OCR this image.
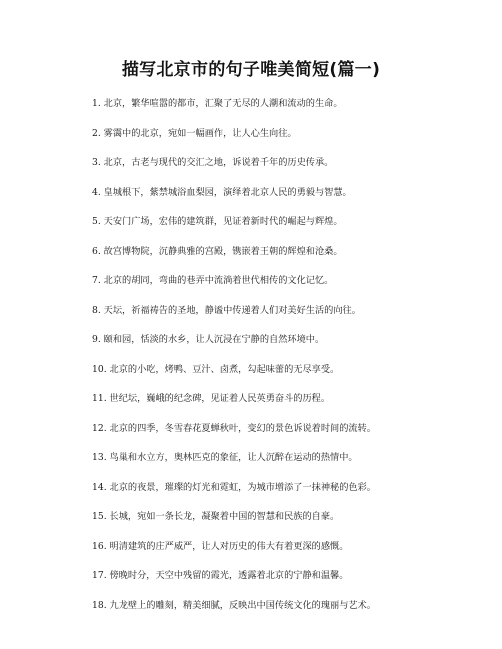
描写北京市的句子唯美简短(篇一)
1. 北京，繁华喧嚣的都市，汇聚了无尽的人潮和流动的生命。
2. 雾霭中的北京，宛如一幅画作，让人心生向往。
3. 北京，古老与现代的交汇之地，诉说着千年的历史传承。
4. 皇城根下，紫禁城浴血梨园，演绎着北京人民的勇毅与智慧。
5. 天安门广场，宏伟的建筑群，见证着新时代的崛起与辉煌。
6. 故宫博物院，沉静典雅的宫殿，镌嵌着王朝的辉煌和沧桑。
7. 北京的胡同，弯曲的巷弄中流淌着世代相传的文化记忆。
8. 天坛，祈福祷告的圣地，静谧中传递着人们对美好生活的向往。
9. 颐和园，恬淡的水乡，让人沉浸在宁静的自然环境中。
10. 北京的小吃，烤鸭、豆汁、卤煮，勾起味蕾的无尽享受。
11. 世纪坛，巍峨的纪念碑，见证着人民英勇奋斗的历程。
12. 北京的四季，冬雪春花夏蝉秋叶，变幻的景色诉说着时间的流转。
13. 鸟巢和水立方，奥林匹克的象征，让人沉醉在运动的热情中。
14. 北京的夜景，璀璨的灯光和霓虹，为城市增添了一抹神秘的色彩。
15. 长城，宛如一条长龙，凝聚着中国的智慧和民族的自豪。
16. 明清建筑的庄严威严，让人对历史的伟大有着更深的感慨。
17. 傍晚时分，天空中残留的霞光，透露着北京的宁静和温馨。
18. 九龙壁上的雕刻，精美细腻，反映出中国传统文化的瑰丽与艺术。
